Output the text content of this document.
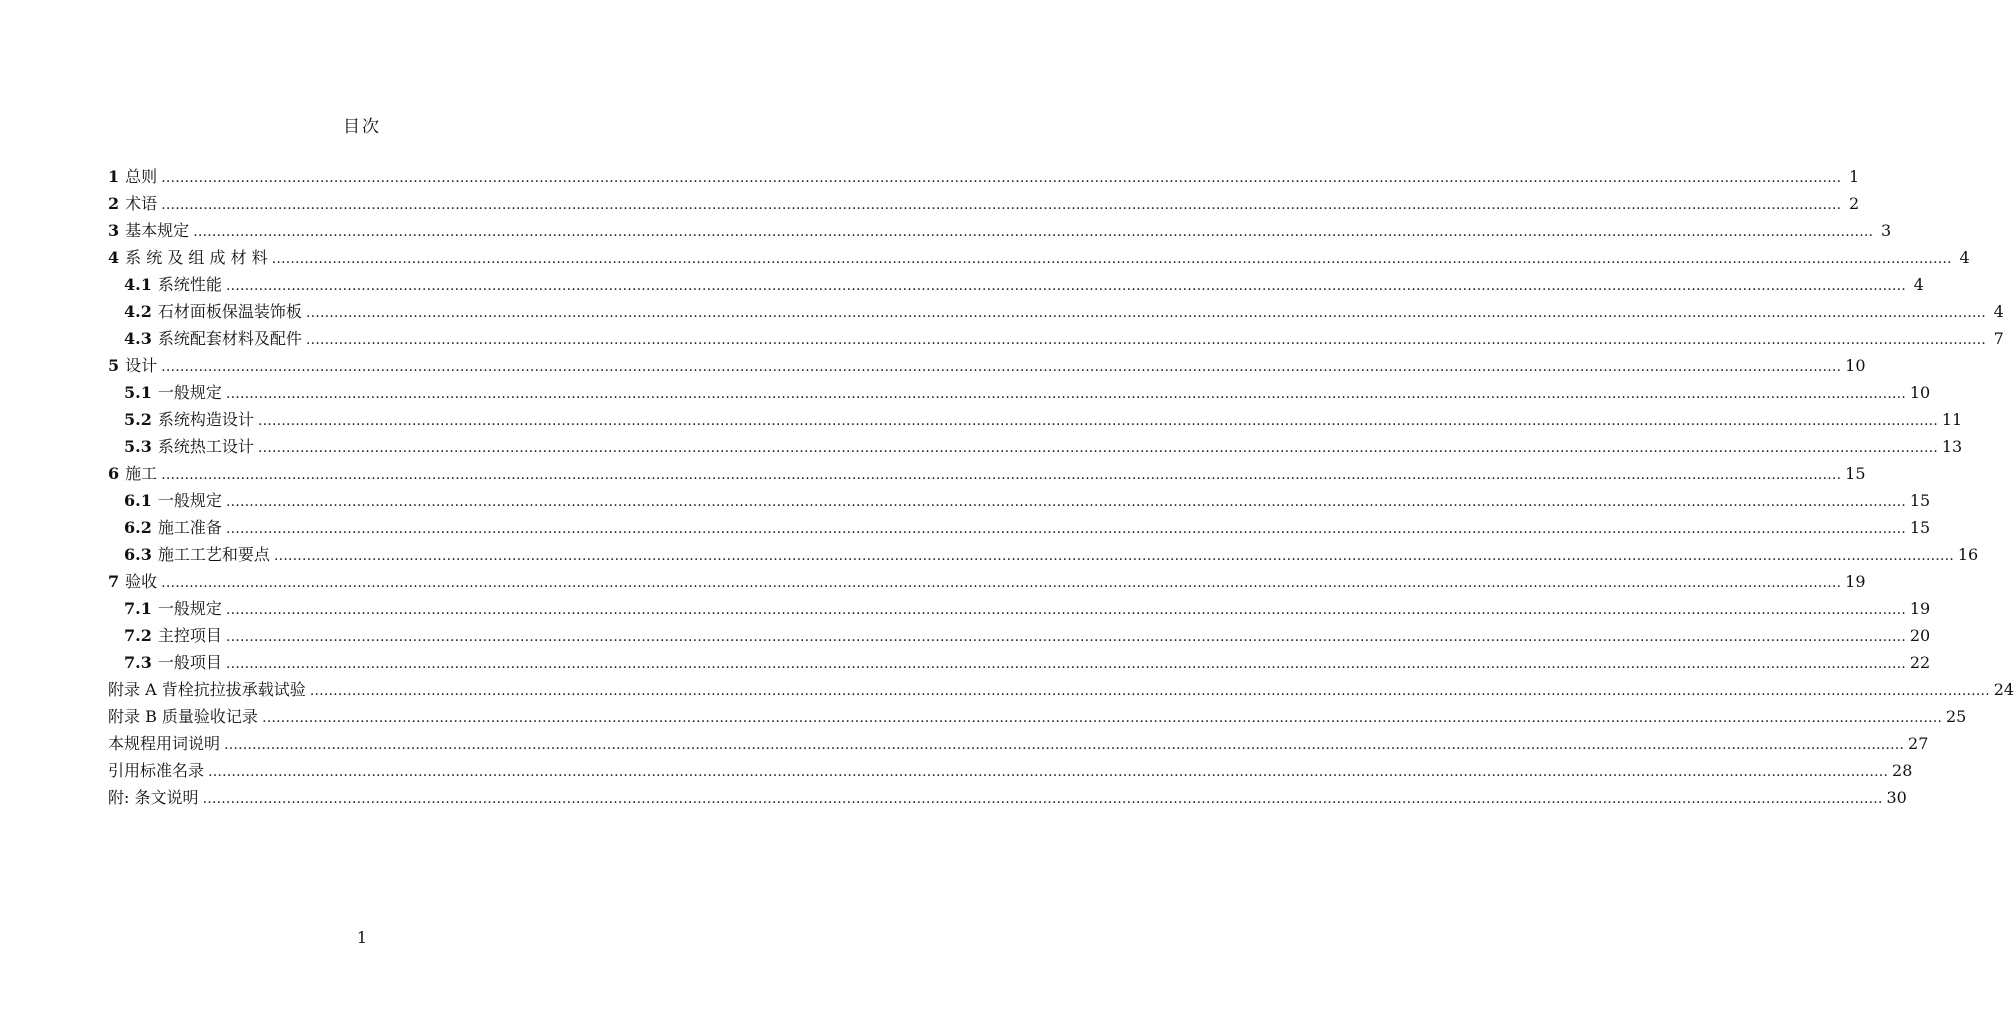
目次
1 总则 ……………………………………………………………………………………………………………………………………………………………………………………………………………………………………………………………………………………………………………………………… 1
2 术语 ……………………………………………………………………………………………………………………………………………………………………………………………………………………………………………………………………………………………………………………………… 2
3 基本规定 ……………………………………………………………………………………………………………………………………………………………………………………………………………………………………………………………………………………………………………………………… 3
4 系 统 及 组 成 材 料 ……………………………………………………………………………………………………………………………………………………………………………………………………………………………………………………………………………………………………………………………… 4
4.1 系统性能 ……………………………………………………………………………………………………………………………………………………………………………………………………………………………………………………………………………………………………………………………… 4
4.2 石材面板保温装饰板 ……………………………………………………………………………………………………………………………………………………………………………………………………………………………………………………………………………………………………………………………… 4
4.3 系统配套材料及配件 ……………………………………………………………………………………………………………………………………………………………………………………………………………………………………………………………………………………………………………………………… 7
5 设计 ……………………………………………………………………………………………………………………………………………………………………………………………………………………………………………………………………………………………………………………………… 10
5.1 一般规定 ……………………………………………………………………………………………………………………………………………………………………………………………………………………………………………………………………………………………………………………………… 10
5.2 系统构造设计 ……………………………………………………………………………………………………………………………………………………………………………………………………………………………………………………………………………………………………………………………… 11
5.3 系统热工设计 ……………………………………………………………………………………………………………………………………………………………………………………………………………………………………………………………………………………………………………………………… 13
6 施工 ……………………………………………………………………………………………………………………………………………………………………………………………………………………………………………………………………………………………………………………………… 15
6.1 一般规定 ……………………………………………………………………………………………………………………………………………………………………………………………………………………………………………………………………………………………………………………………… 15
6.2 施工准备 ……………………………………………………………………………………………………………………………………………………………………………………………………………………………………………………………………………………………………………………………… 15
6.3 施工工艺和要点 ……………………………………………………………………………………………………………………………………………………………………………………………………………………………………………………………………………………………………………………………… 16
7 验收 ……………………………………………………………………………………………………………………………………………………………………………………………………………………………………………………………………………………………………………………………… 19
7.1 一般规定 ……………………………………………………………………………………………………………………………………………………………………………………………………………………………………………………………………………………………………………………………… 19
7.2 主控项目 ……………………………………………………………………………………………………………………………………………………………………………………………………………………………………………………………………………………………………………………………… 20
7.3 一般项目 ……………………………………………………………………………………………………………………………………………………………………………………………………………………………………………………………………………………………………………………………… 22
附录 A 背栓抗拉拔承载试验 ……………………………………………………………………………………………………………………………………………………………………………………………………………………………………………………………………………………………………………………………… 24
附录 B 质量验收记录 ……………………………………………………………………………………………………………………………………………………………………………………………………………………………………………………………………………………………………………………………… 25
本规程用词说明 ……………………………………………………………………………………………………………………………………………………………………………………………………………………………………………………………………………………………………………………………… 27
引用标准名录 ……………………………………………………………………………………………………………………………………………………………………………………………………………………………………………………………………………………………………………………………… 28
附: 条文说明 ……………………………………………………………………………………………………………………………………………………………………………………………………………………………………………………………………………………………………………………………… 30
1
